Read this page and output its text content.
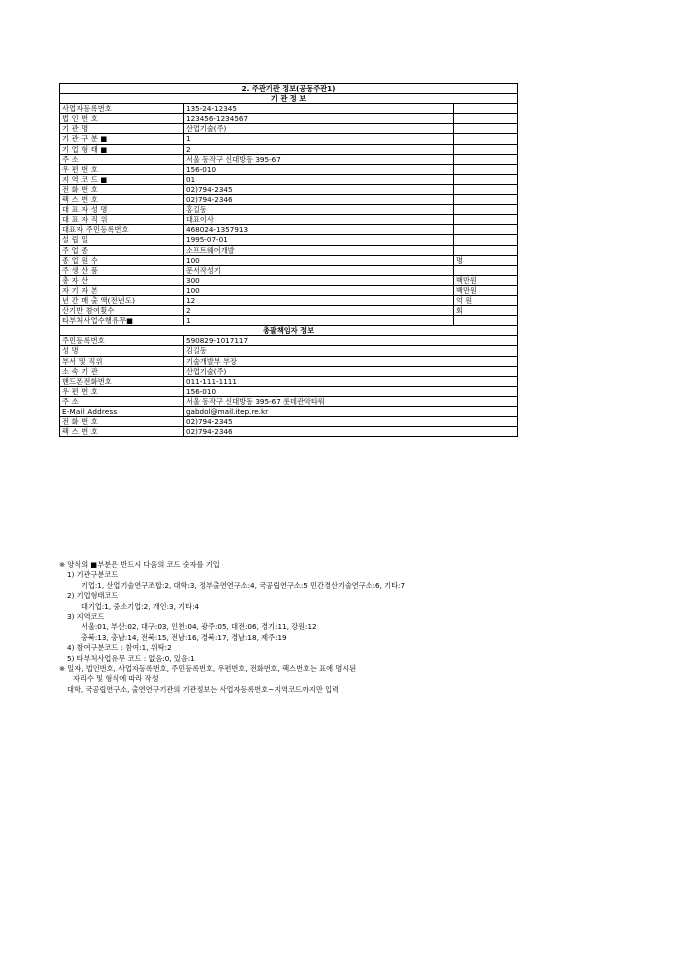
2. 주관기관 정보(공동주관1)		
기 관 정 보		
사업자등록번호	135-24-12345	
법 인 번 호	123456-1234567	
기 관 명	산업기술(주)	
기 관 구 분 ■	1	
기 업 형 태 ■	2	
주 소	서울 동작구 신대방동 395-67	
우 편 번 호	156-010	
지 역 코 드 ■	01	
전 화 번 호	02)794-2345	
팩 스 번 호	02)794-2346	
대 표 자 성 명	홍길동	
대 표 자 직 위	대표이사	
대표자 주민등록번호	468024-1357913	
설 립 일	1995-07-01	
주 업 종	소프트웨어개발	
종 업 원 수	100	명
주 생 산 품	문서작성기	
총 자 산	300	백만원
자 기 자 본	100	백만원
년 간 매 출 액(전년도)	12	억 원
산기반 참여횟수	2	회
타부처사업수행유무■	1	
총괄책임자 정보		
주민등록번호	590829-1017117	
성 명	김길동	
부서 및 직위	기술개발부 부장	
소 속 기 관	산업기술(주)	
핸드폰전화번호	011-111-1111	
우 편 번 호	156-010	
주 소	서울 동작구 신대방동 395-67 롯데관악타워	
E-Mail Address	gabdol@mail.itep.re.kr	
전 화 번 호	02)794-2345	
팩 스 번 호	02)794-2346	
※ 양식의 ■부분은 반드시 다음의 코드 숫자를 기입
1) 기관구분코드
기업:1, 산업기술연구조합:2, 대학:3, 정부출연연구소:4, 국공립연구소:5 민간경산기술연구소:6, 기타:7
2) 기업형태코드
대기업:1, 중소기업:2, 개인:3, 기타:4
3) 지역코드
서울:01, 부산:02, 대구:03, 인천:04, 광주:05, 대전:06, 경기:11, 강원:12
충북:13, 충남:14, 전북:15, 전남:16, 경북:17, 경남:18, 제주:19
4) 참여구분코드 : 참여:1, 위탁:2
5) 타부처사업유무 코드 : 없음:0, 있음:1
※ 일자, 법인번호, 사업자등록번호, 주민등록번호, 우편번호, 전화번호, 팩스번호는 표에 명시된
자리수 및 형식에 따라 작성
대학, 국공립연구소, 출연연구기관의 기관정보는 사업자등록번호~지역코드까지만 입력
